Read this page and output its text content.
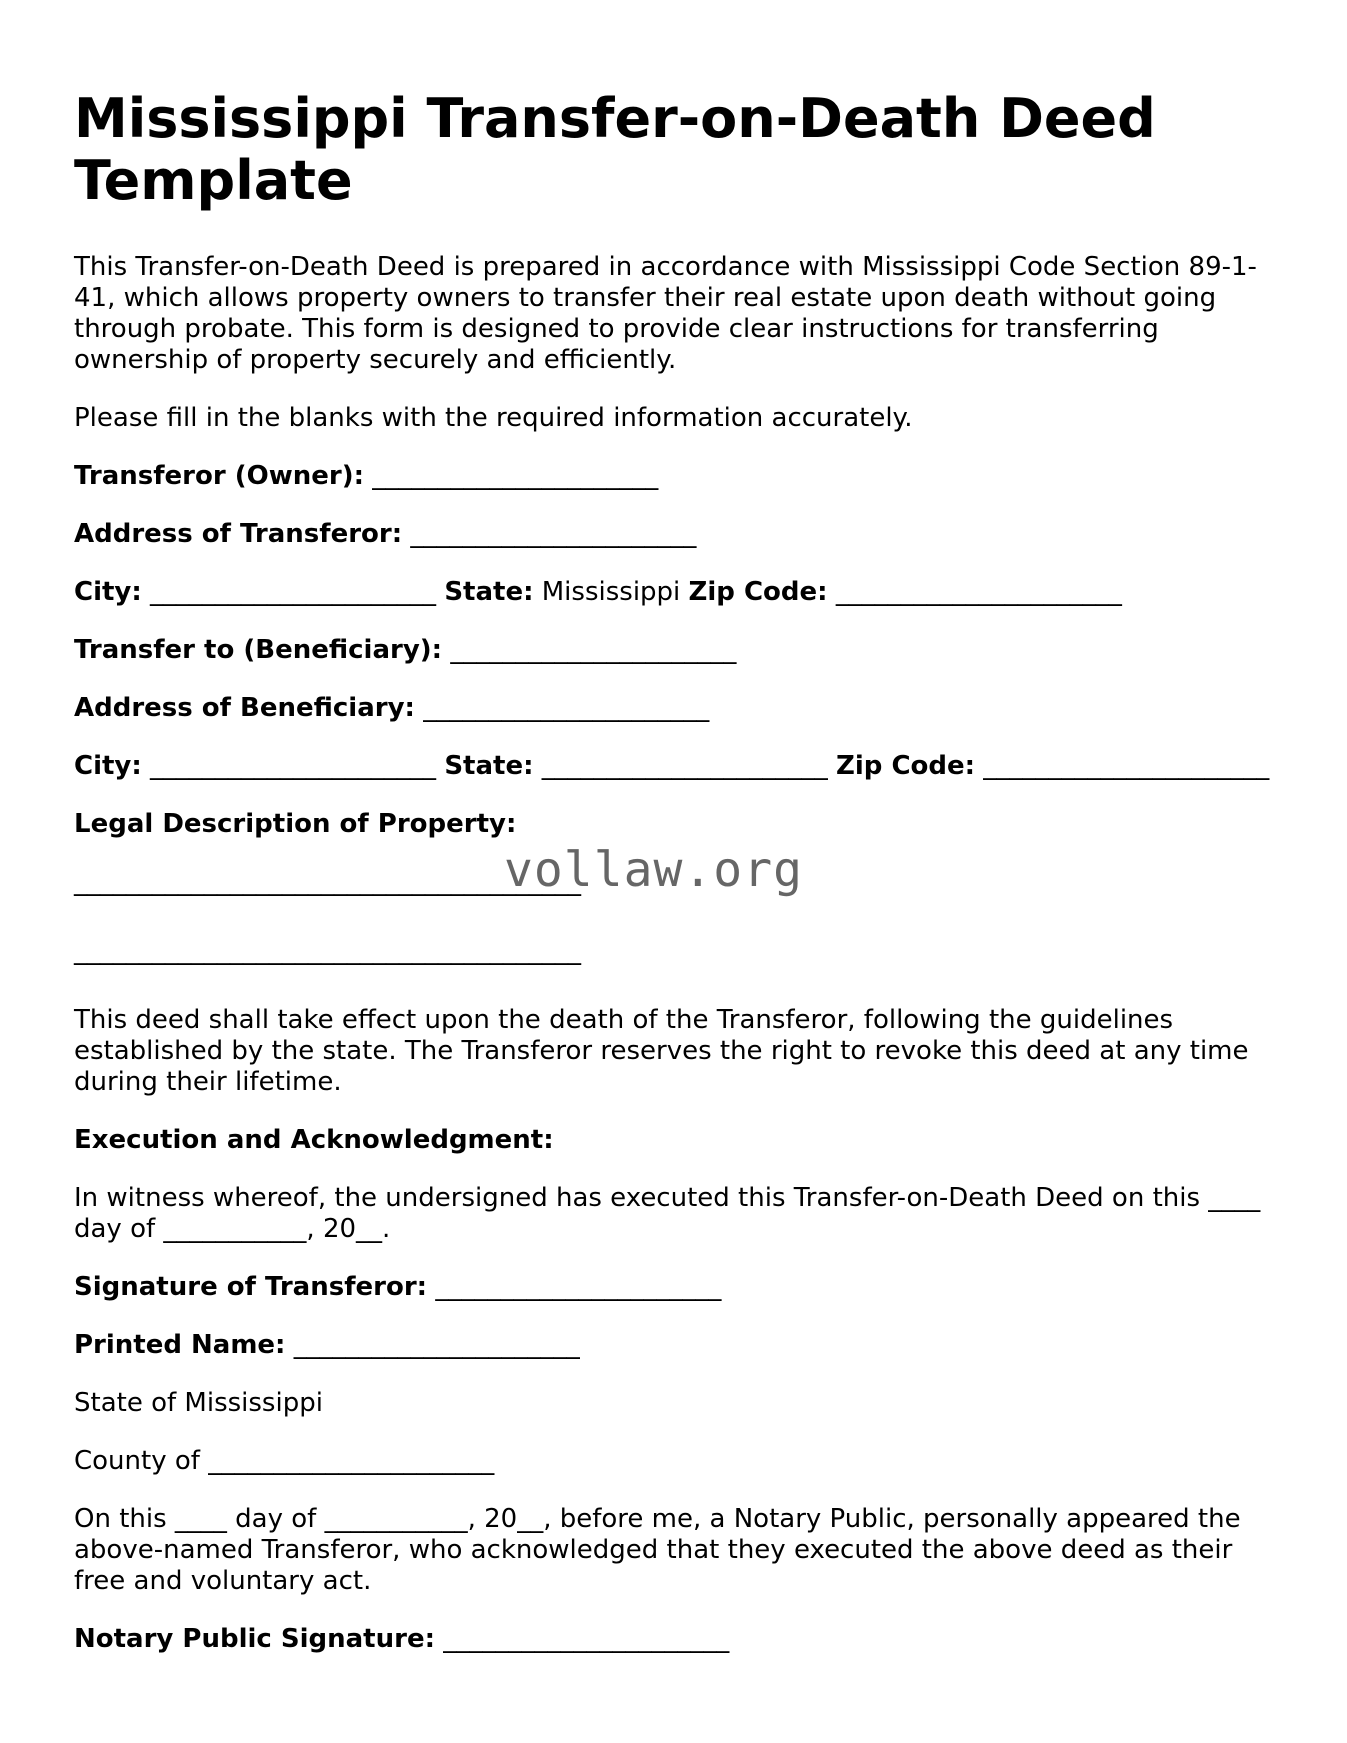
Mississippi Transfer-on-Death Deed Template

This Transfer-on-Death Deed is prepared in accordance with Mississippi Code Section 89-1-41, which allows property owners to transfer their real estate upon death without going through probate. This form is designed to provide clear instructions for transferring ownership of property securely and efficiently.

Please fill in the blanks with the required information accurately.

Transferor (Owner): ______________________

Address of Transferor: ______________________

City: ______________________ State: Mississippi Zip Code: ______________________

Transfer to (Beneficiary): ______________________

Address of Beneficiary: ______________________

City: ______________________ State: ______________________ Zip Code: ______________________

Legal Description of Property:

_______________________________________

_______________________________________

This deed shall take effect upon the death of the Transferor, following the guidelines established by the state. The Transferor reserves the right to revoke this deed at any time during their lifetime.

Execution and Acknowledgment:

In witness whereof, the undersigned has executed this Transfer-on-Death Deed on this ____ day of ___________, 20__.

Signature of Transferor: ______________________

Printed Name: ______________________

State of Mississippi

County of ______________________

On this ____ day of ___________, 20__, before me, a Notary Public, personally appeared the above-named Transferor, who acknowledged that they executed the above deed as their free and voluntary act.

Notary Public Signature: ______________________

vollaw.org
